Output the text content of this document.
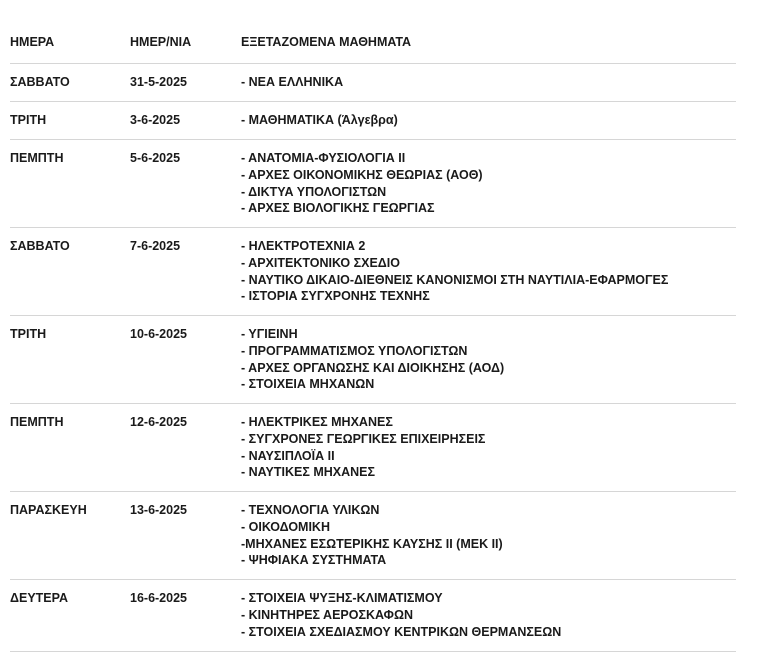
ΗΜΕΡΑ	ΗΜΕΡ/ΝΙΑ	ΕΞΕΤΑΖΟΜΕΝΑ ΜΑΘΗΜΑΤΑ
ΣΑΒΒΑΤΟ	31-5-2025	- ΝΕΑ ΕΛΛΗΝΙΚΑ
ΤΡΙΤΗ	3-6-2025	- ΜΑΘΗΜΑΤΙΚΑ (Άλγεβρα)
ΠΕΜΠΤΗ	5-6-2025	- ΑΝΑΤΟΜΙΑ-ΦΥΣΙΟΛΟΓΙΑ ΙΙ
- ΑΡΧΕΣ ΟΙΚΟΝΟΜΙΚΗΣ ΘΕΩΡΙΑΣ (ΑΟΘ)
- ΔΙΚΤΥΑ ΥΠΟΛΟΓΙΣΤΩΝ
- ΑΡΧΕΣ ΒΙΟΛΟΓΙΚΗΣ ΓΕΩΡΓΙΑΣ
ΣΑΒΒΑΤΟ	7-6-2025	- ΗΛΕΚΤΡΟΤΕΧΝΙΑ 2
- ΑΡΧΙΤΕΚΤΟΝΙΚΟ ΣΧΕΔΙΟ
- ΝΑΥΤΙΚΟ ΔΙΚΑΙΟ-ΔΙΕΘΝΕΙΣ ΚΑΝΟΝΙΣΜΟΙ ΣΤΗ ΝΑΥΤΙΛΙΑ-ΕΦΑΡΜΟΓΕΣ
- ΙΣΤΟΡΙΑ ΣΥΓΧΡΟΝΗΣ ΤΕΧΝΗΣ
ΤΡΙΤΗ	10-6-2025	- ΥΓΙΕΙΝΗ
- ΠΡΟΓΡΑΜΜΑΤΙΣΜΟΣ ΥΠΟΛΟΓΙΣΤΩΝ
- ΑΡΧΕΣ ΟΡΓΑΝΩΣΗΣ ΚΑΙ ΔΙΟΙΚΗΣΗΣ (ΑΟΔ)
- ΣΤΟΙΧΕΙΑ ΜΗΧΑΝΩΝ
ΠΕΜΠΤΗ	12-6-2025	- ΗΛΕΚΤΡΙΚΕΣ ΜΗΧΑΝΕΣ
- ΣΥΓΧΡΟΝΕΣ ΓΕΩΡΓΙΚΕΣ ΕΠΙΧΕΙΡΗΣΕΙΣ
- ΝΑΥΣΙΠΛΟΪΑ ΙΙ
- ΝΑΥΤΙΚΕΣ ΜΗΧΑΝΕΣ
ΠΑΡΑΣΚΕΥΗ	13-6-2025	- ΤΕΧΝΟΛΟΓΙΑ ΥΛΙΚΩΝ
- ΟΙΚΟΔΟΜΙΚΗ
-ΜΗΧΑΝΕΣ ΕΣΩΤΕΡΙΚΗΣ ΚΑΥΣΗΣ ΙΙ (ΜΕΚ ΙΙ)
- ΨΗΦΙΑΚΑ ΣΥΣΤΗΜΑΤΑ
ΔΕΥΤΕΡΑ	16-6-2025	- ΣΤΟΙΧΕΙΑ ΨΥΞΗΣ-ΚΛΙΜΑΤΙΣΜΟΥ
- ΚΙΝΗΤΗΡΕΣ ΑΕΡΟΣΚΑΦΩΝ
- ΣΤΟΙΧΕΙΑ ΣΧΕΔΙΑΣΜΟΥ ΚΕΝΤΡΙΚΩΝ ΘΕΡΜΑΝΣΕΩΝ
